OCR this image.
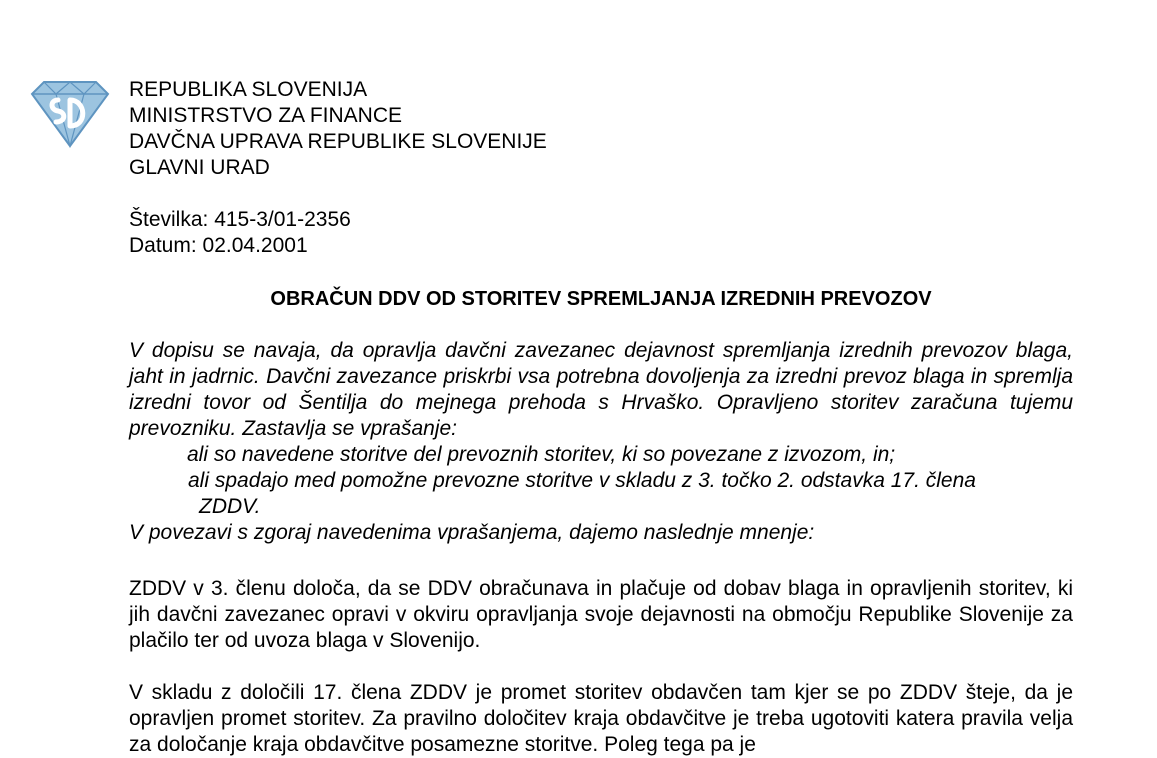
REPUBLIKA SLOVENIJA
MINISTRSTVO ZA FINANCE
DAVČNA UPRAVA REPUBLIKE SLOVENIJE
GLAVNI URAD
Številka: 415-3/01-2356
Datum: 02.04.2001
OBRAČUN DDV OD STORITEV SPREMLJANJA IZREDNIH PREVOZOV

V dopisu se navaja, da opravlja davčni zavezanec dejavnost spremljanja izrednih prevozov blaga, jaht in jadrnic. Davčni zavezance priskrbi vsa potrebna dovoljenja za izredni prevoz blaga in spremlja izredni tovor od Šentilja do mejnega prehoda s Hrvaško. Opravljeno storitev zaračuna tujemu prevozniku. Zastavlja se vprašanje:

ali so navedene storitve del prevoznih storitev, ki so povezane z izvozom, in;

ali spadajo med pomožne prevozne storitve v skladu z 3. točko 2. odstavka 17. člena
ZDDV.

V povezavi s zgoraj navedenima vprašanjema, dajemo naslednje mnenje:

ZDDV v 3. členu določa, da se DDV obračunava in plačuje od dobav blaga in opravljenih storitev, ki jih davčni zavezanec opravi v okviru opravljanja svoje dejavnosti na območju Republike Slovenije za plačilo ter od uvoza blaga v Slovenijo.
V skladu z določili 17. člena ZDDV je promet storitev obdavčen tam kjer se po ZDDV šteje, da je opravljen promet storitev. Za pravilno določitev kraja obdavčitve je treba ugotoviti katera pravila velja za določanje kraja obdavčitve posamezne storitve. Poleg tega pa je
